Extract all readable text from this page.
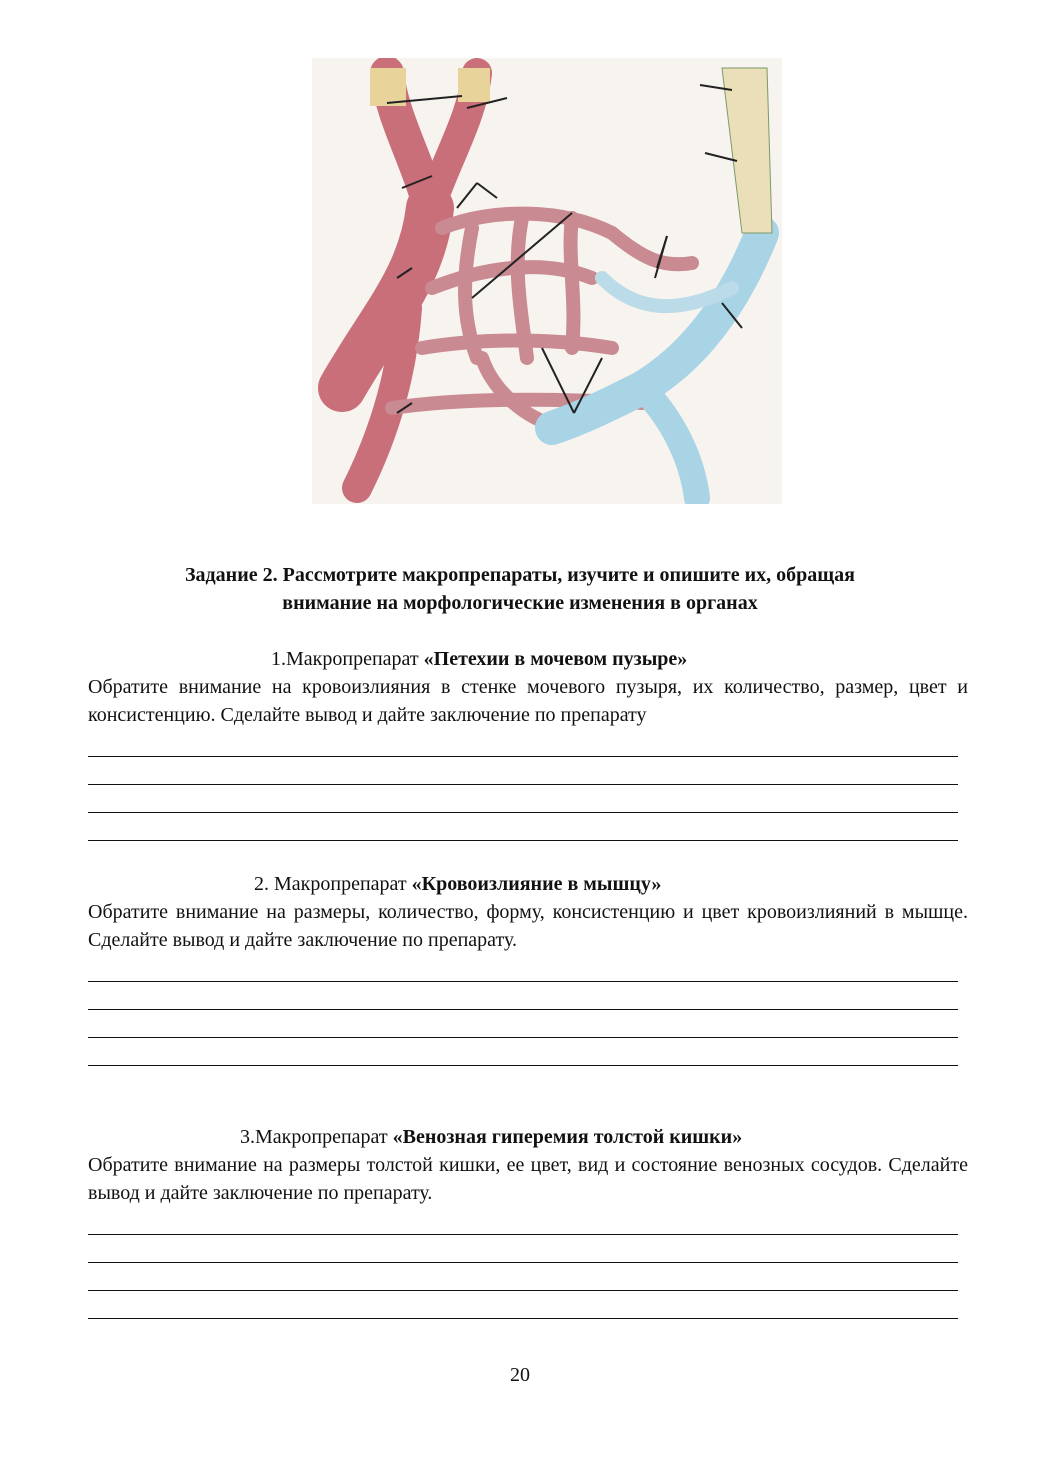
Задание 2. Рассмотрите макропрепараты, изучите и опишите их, обращая
внимание на морфологические изменения в органах
1.Макропрепарат «Петехии в мочевом пузыре»
Обратите внимание на кровоизлияния в стенке мочевого пузыря, их количество, размер, цвет и консистенцию. Сделайте вывод и дайте заключение по препарату
2. Макропрепарат «Кровоизлияние в мышцу»
Обратите внимание на размеры, количество, форму, консистенцию и цвет кровоизлияний в мышце. Сделайте вывод и дайте заключение по препарату.
3.Макропрепарат «Венозная гиперемия толстой кишки»
Обратите внимание на размеры толстой кишки, ее цвет, вид и состояние венозных сосудов. Сделайте вывод и дайте заключение по препарату.
20
